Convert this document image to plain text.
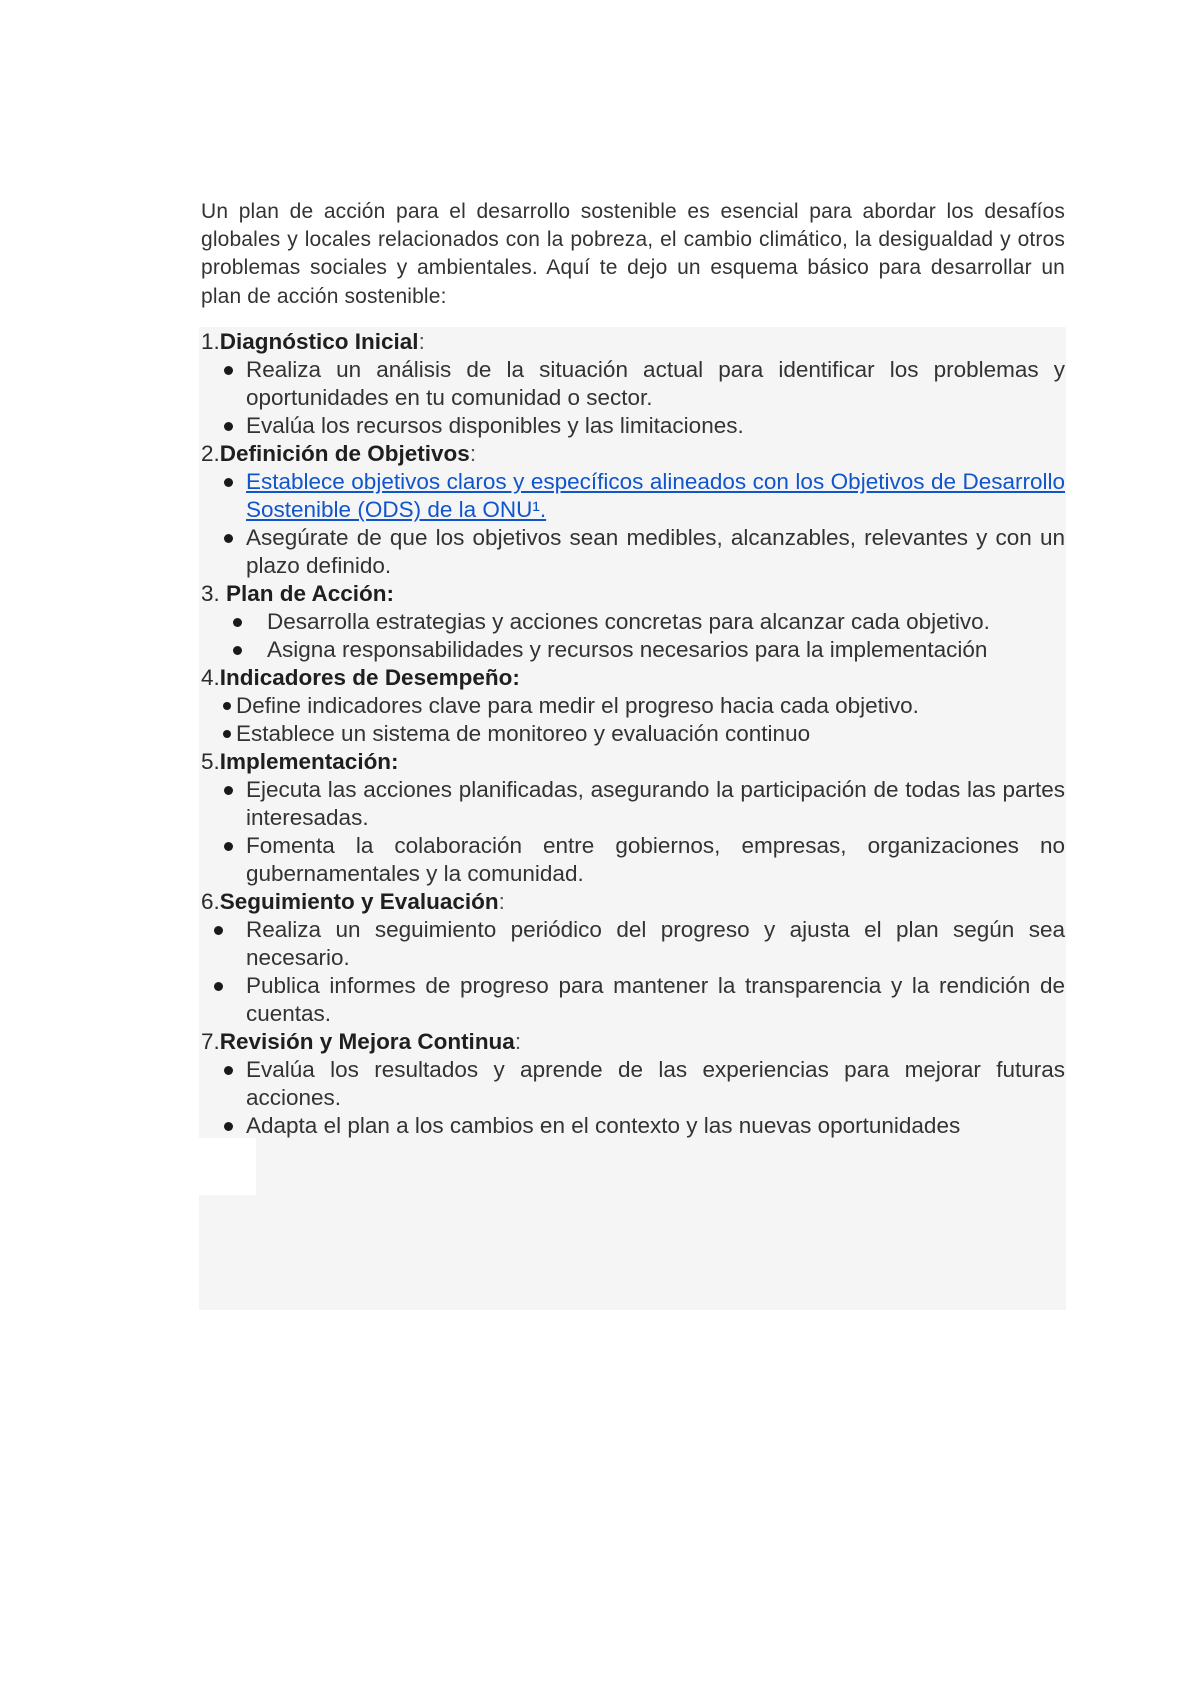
Un plan de acción para el desarrollo sostenible es esencial para abordar los desafíos globales y locales relacionados con la pobreza, el cambio climático, la desigualdad y otros problemas sociales y ambientales. Aquí te dejo un esquema básico para desarrollar un plan de acción sostenible:
1.Diagnóstico Inicial:
Realiza un análisis de la situación actual para identificar los problemas y oportunidades en tu comunidad o sector.
Evalúa los recursos disponibles y las limitaciones.
2.Definición de Objetivos:
Establece objetivos claros y específicos alineados con los Objetivos de Desarrollo Sostenible (ODS) de la ONU¹.
Asegúrate de que los objetivos sean medibles, alcanzables, relevantes y con un plazo definido.
3. Plan de Acción:
Desarrolla estrategias y acciones concretas para alcanzar cada objetivo.
Asigna responsabilidades y recursos necesarios para la implementación
4.Indicadores de Desempeño:
Define indicadores clave para medir el progreso hacia cada objetivo.
Establece un sistema de monitoreo y evaluación continuo
5.Implementación:
Ejecuta las acciones planificadas, asegurando la participación de todas las partes interesadas.
Fomenta la colaboración entre gobiernos, empresas, organizaciones no gubernamentales y la comunidad.
6.Seguimiento y Evaluación:
Realiza un seguimiento periódico del progreso y ajusta el plan según sea necesario.
Publica informes de progreso para mantener la transparencia y la rendición de cuentas.
7.Revisión y Mejora Continua:
Evalúa los resultados y aprende de las experiencias para mejorar futuras acciones.
Adapta el plan a los cambios en el contexto y las nuevas oportunidades
